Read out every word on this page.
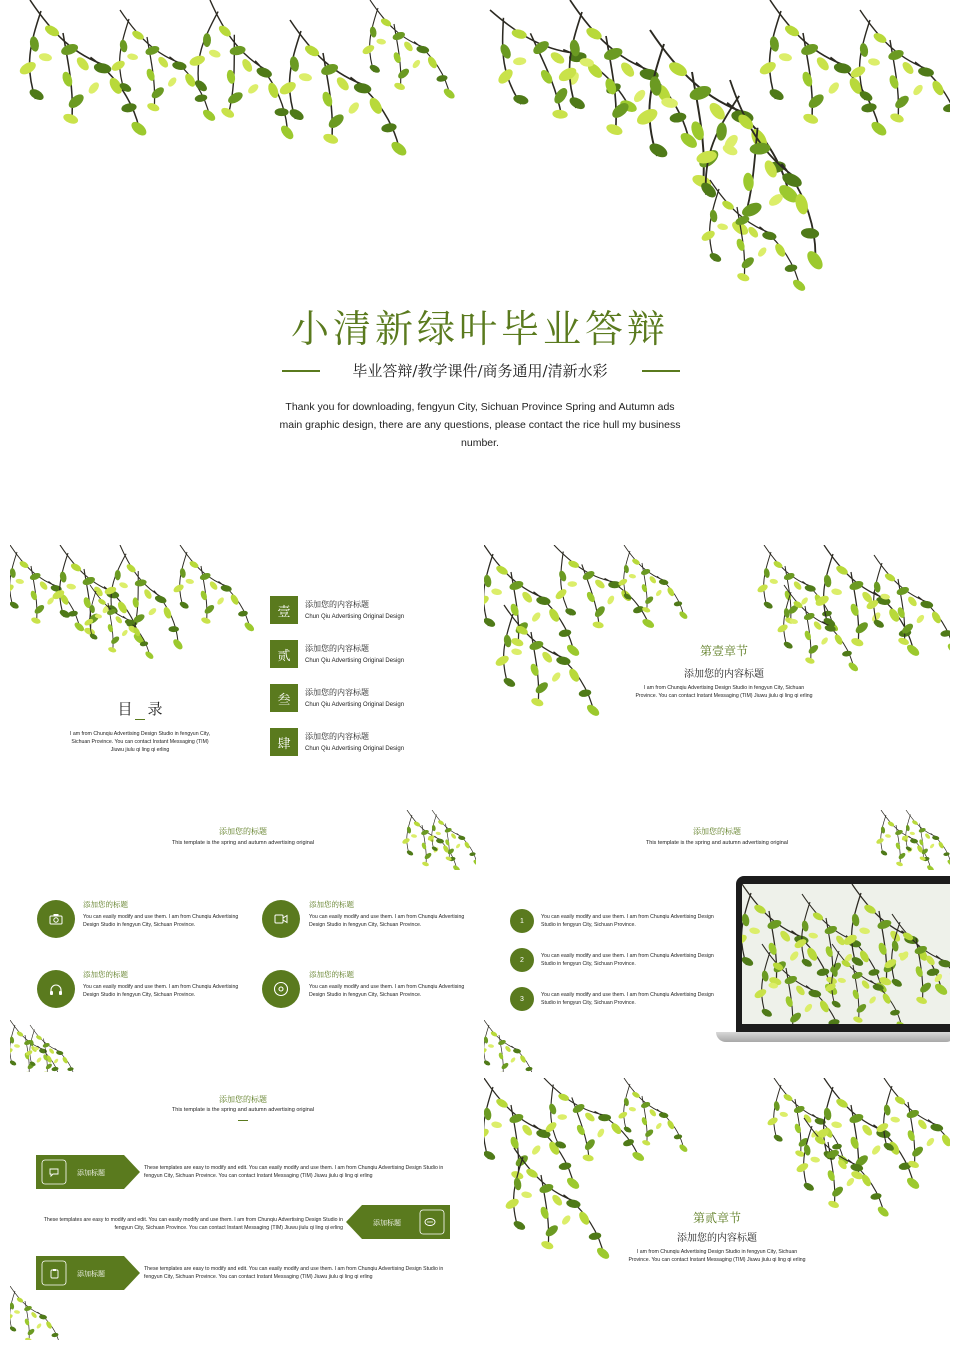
小清新绿叶毕业答辩
毕业答辩/教学课件/商务通用/清新水彩
Thank you for downloading, fengyun City, Sichuan Province Spring and Autumn ads main graphic design, there are any questions, please contact the rice hull my business number.
目　录
I am from Chunqiu Advertising Design Studio in fengyun City, Sichuan Province. You can contact Instant Messaging (TIM) Jiuwu jiulu qi ling qi erling
壹	添加您的内容标题
Chun Qiu Advertising Original Design
贰	添加您的内容标题
Chun Qiu Advertising Original Design
叁	添加您的内容标题
Chun Qiu Advertising Original Design
肆	添加您的内容标题
Chun Qiu Advertising Original Design
第壹章节
添加您的内容标题
I am from Chunqiu Advertising Design Studio in fengyun City, Sichuan Province. You can contact Instant Messaging (TIM) Jiuwu jiulu qi ling qi erling
添加您的标题
This template is the spring and autumn advertising original
添加您的标题
You can easily modify and use them. I am from Chunqiu Advertising Design Studio in fengyun City, Sichuan Province.
添加您的标题
You can easily modify and use them. I am from Chunqiu Advertising Design Studio in fengyun City, Sichuan Province.
添加您的标题
You can easily modify and use them. I am from Chunqiu Advertising Design Studio in fengyun City, Sichuan Province.
添加您的标题
You can easily modify and use them. I am from Chunqiu Advertising Design Studio in fengyun City, Sichuan Province.
添加您的标题
This template is the spring and autumn advertising original
1
You can easily modify and use them. I am from Chunqiu Advertising Design Studio in fengyun City, Sichuan Province.
2
You can easily modify and use them. I am from Chunqiu Advertising Design Studio in fengyun City, Sichuan Province.
3
You can easily modify and use them. I am from Chunqiu Advertising Design Studio in fengyun City, Sichuan Province.
添加您的标题
This template is the spring and autumn advertising original
添加标题
These templates are easy to modify and edit. You can easily modify and use them. I am from Chunqiu Advertising Design Studio in fengyun City, Sichuan Province. You can contact Instant Messaging (TIM) Jiuwu jiulu qi ling qi erling
These templates are easy to modify and edit. You can easily modify and use them. I am from Chunqiu Advertising Design Studio in fengyun City, Sichuan Province. You can contact Instant Messaging (TIM) Jiuwu jiulu qi ling qi erling
添加标题
添加标题
These templates are easy to modify and edit. You can easily modify and use them. I am from Chunqiu Advertising Design Studio in fengyun City, Sichuan Province. You can contact Instant Messaging (TIM) Jiuwu jiulu qi ling qi erling
第贰章节
添加您的内容标题
I am from Chunqiu Advertising Design Studio in fengyun City, Sichuan Province. You can contact Instant Messaging (TIM) Jiuwu jiulu qi ling qi erling
